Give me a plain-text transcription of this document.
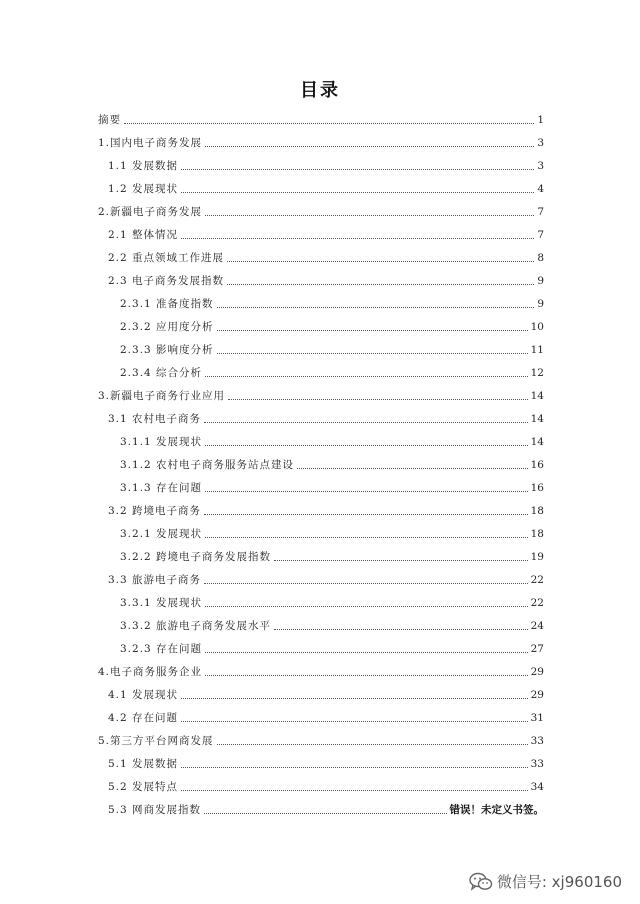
目录
摘要	1
1.国内电子商务发展	3
1.1 发展数据	3
1.2 发展现状	4
2.新疆电子商务发展	7
2.1 整体情况	7
2.2 重点领域工作进展	8
2.3 电子商务发展指数	9
2.3.1 准备度指数	9
2.3.2 应用度分析	10
2.3.3 影响度分析	11
2.3.4 综合分析	12
3.新疆电子商务行业应用	14
3.1 农村电子商务	14
3.1.1 发展现状	14
3.1.2 农村电子商务服务站点建设	16
3.1.3 存在问题	16
3.2 跨境电子商务	18
3.2.1 发展现状	18
3.2.2 跨境电子商务发展指数	19
3.3 旅游电子商务	22
3.3.1 发展现状	22
3.3.2 旅游电子商务发展水平	24
3.2.3 存在问题	27
4.电子商务服务企业	29
4.1 发展现状	29
4.2 存在问题	31
5.第三方平台网商发展	33
5.1 发展数据	33
5.2 发展特点	34
5.3 网商发展指数	错误！未定义书签。
微信号: xj960160
